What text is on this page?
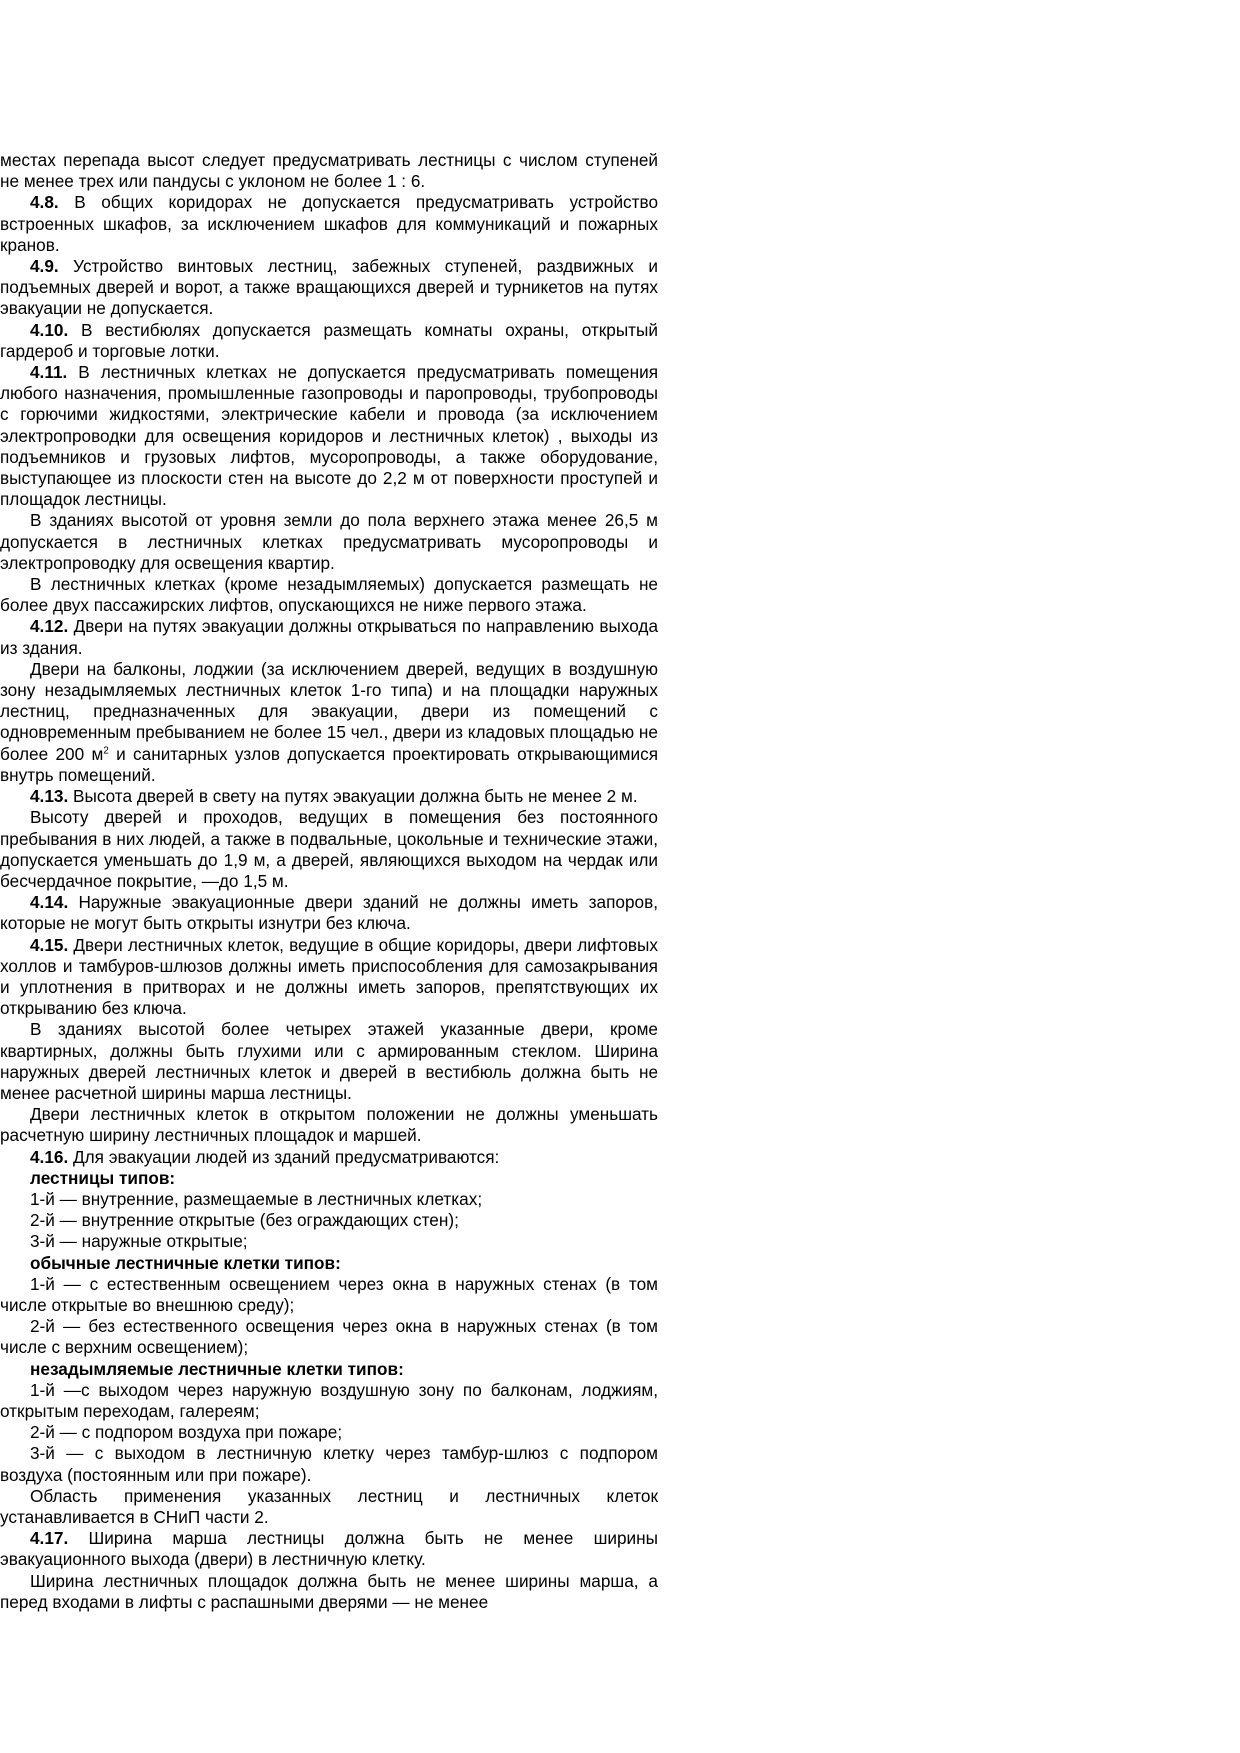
местах перепада высот следует предусматривать лестницы с числом ступеней не менее трех или пандусы с уклоном не более 1 : 6.

4.8. В общих коридорах не допускается предусматривать устройство встроенных шкафов, за исключением шкафов для коммуникаций и пожарных кранов.

4.9. Устройство винтовых лестниц, забежных ступеней, раздвижных и подъемных дверей и ворот, а также вращающихся дверей и турникетов на путях эвакуации не допускается.

4.10. В вестибюлях допускается размещать комнаты охраны, открытый гардероб и торговые лотки.

4.11. В лестничных клетках не допускается предусматривать помещения любого назначения, промышленные газопроводы и паропроводы, трубопроводы с горючими жидкостями, электрические кабели и провода (за исключением электропроводки для освещения коридоров и лестничных клеток) , выходы из подъемников и грузовых лифтов, мусоропроводы, а также оборудование, выступающее из плоскости стен на высоте до 2,2 м от поверхности проступей и площадок лестницы.

В зданиях высотой от уровня земли до пола верхнего этажа менее 26,5 м допускается в лестничных клетках предусматривать мусоропроводы и электропроводку для освещения квартир.

В лестничных клетках (кроме незадымляемых) допускается размещать не более двух пассажирских лифтов, опускающихся не ниже первого этажа.

4.12. Двери на путях эвакуации должны открываться по направлению выхода из здания.

Двери на балконы, лоджии (за исключением дверей, ведущих в воздушную зону незадымляемых лестничных клеток 1-го типа) и на площадки наружных лестниц, предназначенных для эвакуации, двери из помещений с одновременным пребыванием не более 15 чел., двери из кладовых площадью не более 200 $м^2$ и санитарных узлов допускается проектировать открывающимися внутрь помещений.

4.13. Высота дверей в свету на путях эвакуации должна быть не менее 2 м.

Высоту дверей и проходов, ведущих в помещения без постоянного пребывания в них людей, а также в подвальные, цокольные и технические этажи, допускается уменьшать до 1,9 м, а дверей, являющихся выходом на чердак или бесчердачное покрытие, —до 1,5 м.

4.14. Наружные эвакуационные двери зданий не должны иметь запоров, которые не могут быть открыты изнутри без ключа.

4.15. Двери лестничных клеток, ведущие в общие коридоры, двери лифтовых холлов и тамбуров-шлюзов должны иметь приспособления для самозакрывания и уплотнения в притворах и не должны иметь запоров, препятствующих их открыванию без ключа.

В зданиях высотой более четырех этажей указанные двери, кроме квартирных, должны быть глухими или с армированным стеклом. Ширина наружных дверей лестничных клеток и дверей в вестибюль должна быть не менее расчетной ширины марша лестницы.

Двери лестничных клеток в открытом положении не должны уменьшать расчетную ширину лестничных площадок и маршей.

4.16. Для эвакуации людей из зданий предусматриваются:

лестницы типов:

1-й — внутренние, размещаемые в лестничных клетках;

2-й — внутренние открытые (без ограждающих стен);

3-й — наружные открытые;

обычные лестничные клетки типов:

1-й — с естественным освещением через окна в наружных стенах (в том числе открытые во внешнюю среду);

2-й — без естественного освещения через окна в наружных стенах (в том числе с верхним освещением);

незадымляемые лестничные клетки типов:

1-й —с выходом через наружную воздушную зону по балконам, лоджиям, открытым переходам, галереям;

2-й — с подпором воздуха при пожаре;

3-й — с выходом в лестничную клетку через тамбур-шлюз с подпором воздуха (постоянным или при пожаре).

Область применения указанных лестниц и лестничных клеток устанавливается в СНиП части 2.

4.17. Ширина марша лестницы должна быть не менее ширины эвакуационного выхода (двери) в лестничную клетку.

Ширина лестничных площадок должна быть не менее ширины марша, а перед входами в лифты с распашными дверями — не менее
